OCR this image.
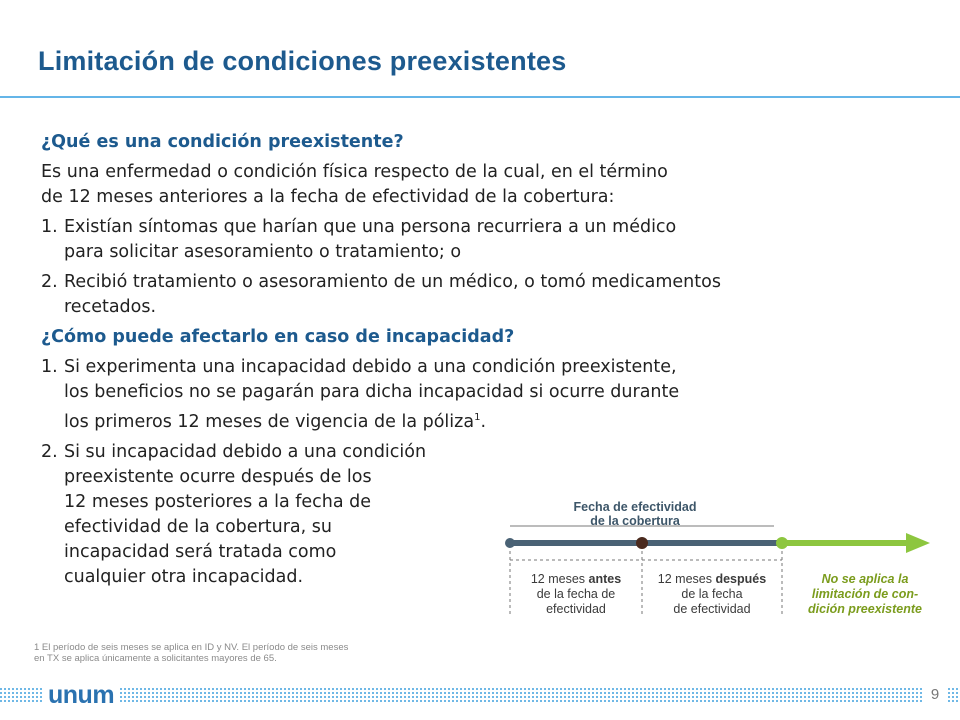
Limitación de condiciones preexistentes

¿Qué es una condición preexistente?

Es una enfermedad o condición física respecto de la cual, en el término
de 12 meses anteriores a la fecha de efectividad de la cobertura:

1. Existían síntomas que harían que una persona recurriera a un médico
para solicitar asesoramiento o tratamiento; o
2. Recibió tratamiento o asesoramiento de un médico, o tomó medicamentos
recetados.

¿Cómo puede afectarlo en caso de incapacidad?

1. Si experimenta una incapacidad debido a una condición preexistente,
los beneficios no se pagarán para dicha incapacidad si ocurre durante
los primeros 12 meses de vigencia de la póliza$^1$.
2. Si su incapacidad debido a una condición
preexistente ocurre después de los
12 meses posteriores a la fecha de
efectividad de la cobertura, su
incapacidad será tratada como
cualquier otra incapacidad.
Fecha de efectividad
de la cobertura
12 meses antes
de la fecha de
efectividad
12 meses después
de la fecha
de efectividad
No se aplica la
limitación de con-
dición preexistente
1 El período de seis meses se aplica en ID y NV. El período de seis meses
en TX se aplica únicamente a solicitantes mayores de 65.
unum	9
